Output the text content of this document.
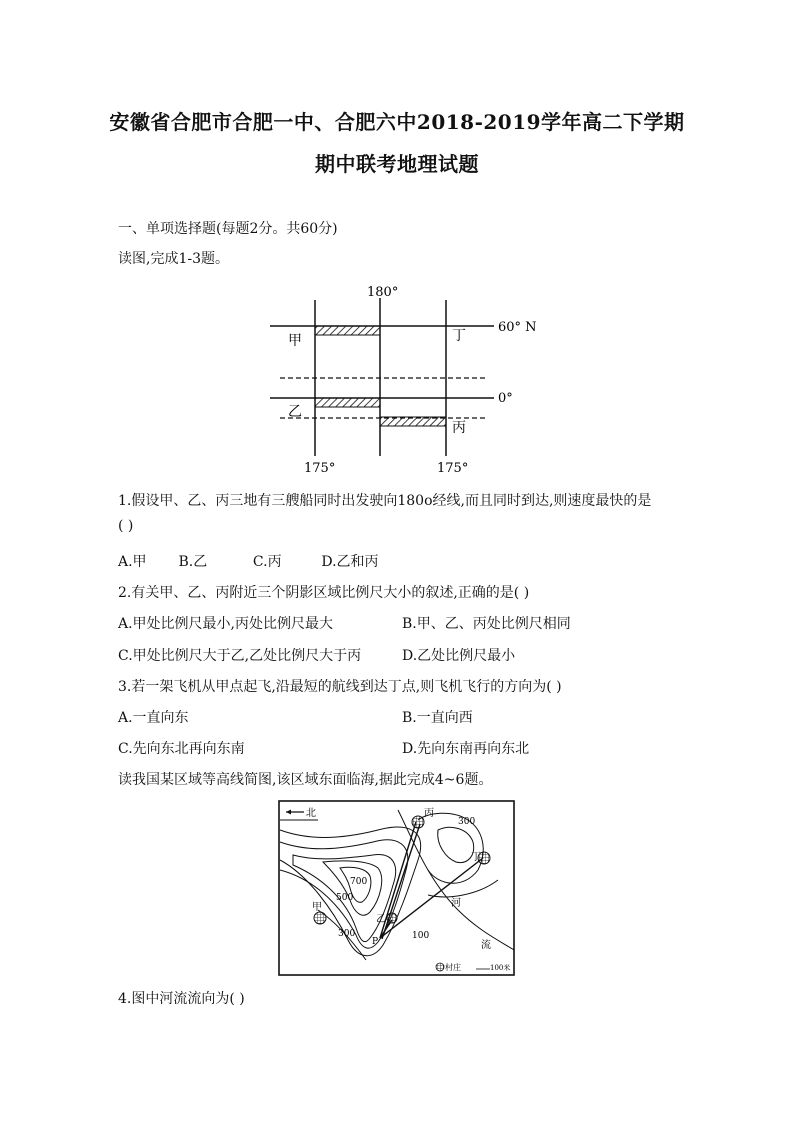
安徽省合肥市合肥一中、合肥六中2018-2019学年高二下学期
期中联考地理试题
一、单项选择题(每题2分。共60分)
读图,完成1-3题。
180°
60° N
0°
175°	175°
甲
乙
丙
丁
1.假设甲、乙、丙三地有三艘船同时出发驶向180o经线,而且同时到达,则速度最快的是
( )
A.甲 B.乙	C.丙	D.乙和丙
2.有关甲、乙、丙附近三个阴影区域比例尺大小的叙述,正确的是( )
A.甲处比例尺最小,丙处比例尺最大	B.甲、乙、丙处比例尺相同
C.甲处比例尺大于乙,乙处比例尺大于丙	D.乙处比例尺最小
3.若一架飞机从甲点起飞,沿最短的航线到达丁点,则飞机飞行的方向为( )
A.一直向东	B.一直向西
C.先向东北再向东南	D.先向东南再向东北
读我国某区域等高线简图,该区域东面临海,据此完成4~6题。
北	丙
丁
甲
乙
P
300
700
500
300	100
河
流
村庄	100米
4.图中河流流向为( )
